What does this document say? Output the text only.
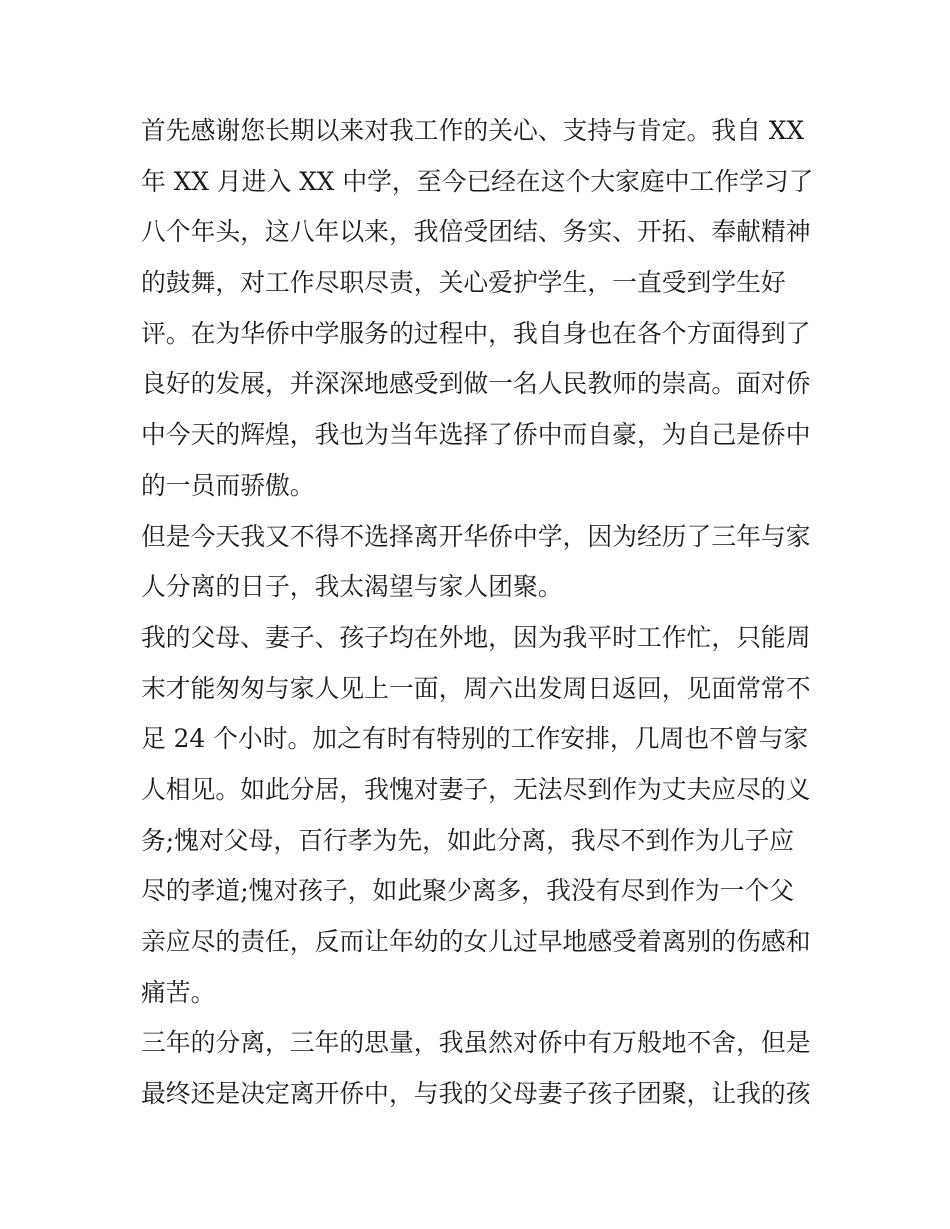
首先感谢您长期以来对我工作的关心、支持与肯定。我自 XX
年 XX 月进入 XX 中学，至今已经在这个大家庭中工作学习了
八个年头，这八年以来，我倍受团结、务实、开拓、奉献精神
的鼓舞，对工作尽职尽责，关心爱护学生，一直受到学生好
评。在为华侨中学服务的过程中，我自身也在各个方面得到了
良好的发展，并深深地感受到做一名人民教师的崇高。面对侨
中今天的辉煌，我也为当年选择了侨中而自豪，为自己是侨中
的一员而骄傲。
但是今天我又不得不选择离开华侨中学，因为经历了三年与家
人分离的日子，我太渴望与家人团聚。
我的父母、妻子、孩子均在外地，因为我平时工作忙，只能周
末才能匆匆与家人见上一面，周六出发周日返回，见面常常不
足 24 个小时。加之有时有特别的工作安排，几周也不曾与家
人相见。如此分居，我愧对妻子，无法尽到作为丈夫应尽的义
务;愧对父母，百行孝为先，如此分离，我尽不到作为儿子应
尽的孝道;愧对孩子，如此聚少离多，我没有尽到作为一个父
亲应尽的责任，反而让年幼的女儿过早地感受着离别的伤感和
痛苦。
三年的分离，三年的思量，我虽然对侨中有万般地不舍，但是
最终还是决定离开侨中，与我的父母妻子孩子团聚，让我的孩
